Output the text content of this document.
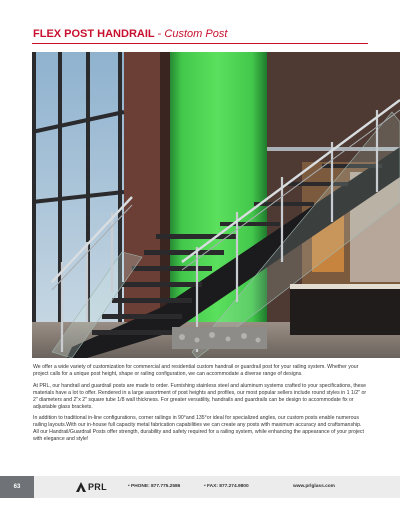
FLEX POST HANDRAIL - Custom Post

We offer a wide variety of customization for commercial and residential custom handrail or guardrail post for your railing system. Whether your project calls for a unique post height, shape or railing configuration, we can accommodate a diverse range of designs.

At PRL, our handrail and guardrail posts are made to order. Furnishing stainless steel and aluminum systems crafted to your specifications, these materials have a lot to offer. Rendered in a large assortment of post heights and profiles, our most popular sellers include round styles in 1 1/2" or 2" diameters and 2"x 2" square tube 1/8 wall thickness. For greater versatility, handrails and guardrails can be design to accommodate fix or adjustable glass brackets.

In addition to traditional in-line configurations, corner railings in 90°and 135°or ideal for specialized angles, our custom posts enable numerous railing layouts.With our in-house full capacity metal fabrication capabilities we can create any posts with maximum accuracy and craftsmanship. All our Handrail/Guardrail Posts offer strength, durability and safety required for a railing system, while enhancing the appearance of your project with elegance and style!

63	PRL	• PHONE: 877.775.2586	• FAX: 877.274.9800	www.prlglass.com
